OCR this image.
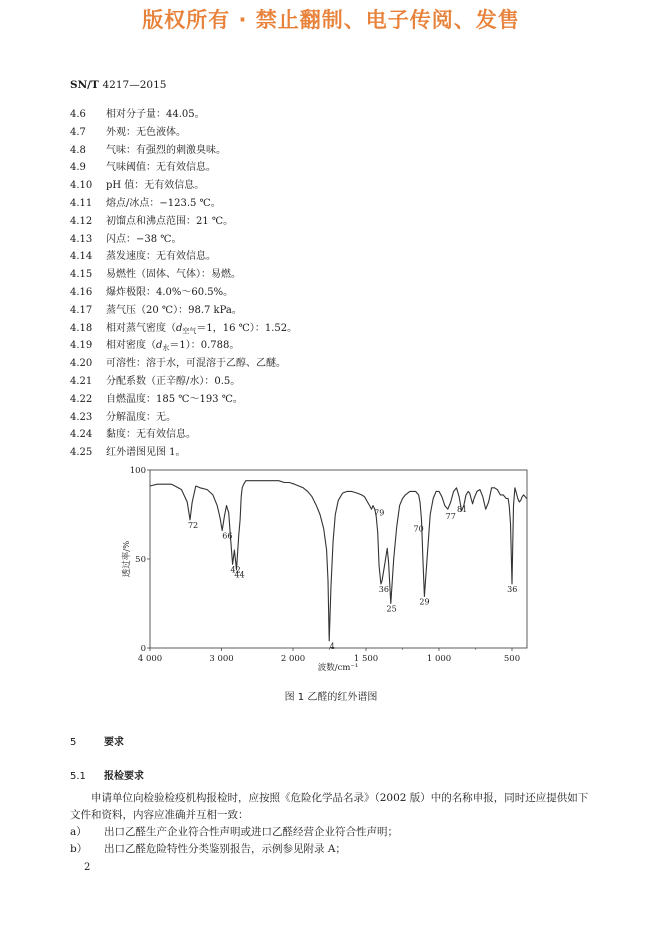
版权所有 · 禁止翻制、电子传阅、发售
SN/T 4217—2015
4.6 相对分子量：44.05。
4.7 外观：无色液体。
4.8 气味：有强烈的刺激臭味。
4.9 气味阈值：无有效信息。
4.10 pH 值：无有效信息。
4.11 熔点/冰点：−123.5 ℃。
4.12 初馏点和沸点范围：21 ℃。
4.13 闪点：−38 ℃。
4.14 蒸发速度：无有效信息。
4.15 易燃性（固体、气体）：易燃。
4.16 爆炸极限：4.0%～60.5%。
4.17 蒸气压（20 ℃）：98.7 kPa。
4.18 相对蒸气密度（$d_{空气}=1$，16 ℃）：1.52。
4.19 相对密度$(d_水=1)$：0.788。
4.20 可溶性：溶于水，可混溶于乙醇、乙醚。
4.21 分配系数（正辛醇/水）：0.5。
4.22 自燃温度：185 ℃～193 ℃。
4.23 分解温度：无。
4.24 黏度：无有效信息。
4.25 红外谱图见图 1。
4 000	3 000	2 000	1 500	1 000	500
0
50
100
波数/cm⁻¹
透过率/%
72
66
42
44
4
79
36
25
70
29
77
81
36
图 1 乙醛的红外谱图
5	要求
5.1 报检要求
申请单位向检验检疫机构报检时，应按照《危险化学品名录》（2002 版）中的名称申报，同时还应提供如下文件和资料，内容应准确并互相一致：
a） 出口乙醛生产企业符合性声明或进口乙醛经营企业符合性声明；
b） 出口乙醛危险特性分类鉴别报告，示例参见附录 A；
2
